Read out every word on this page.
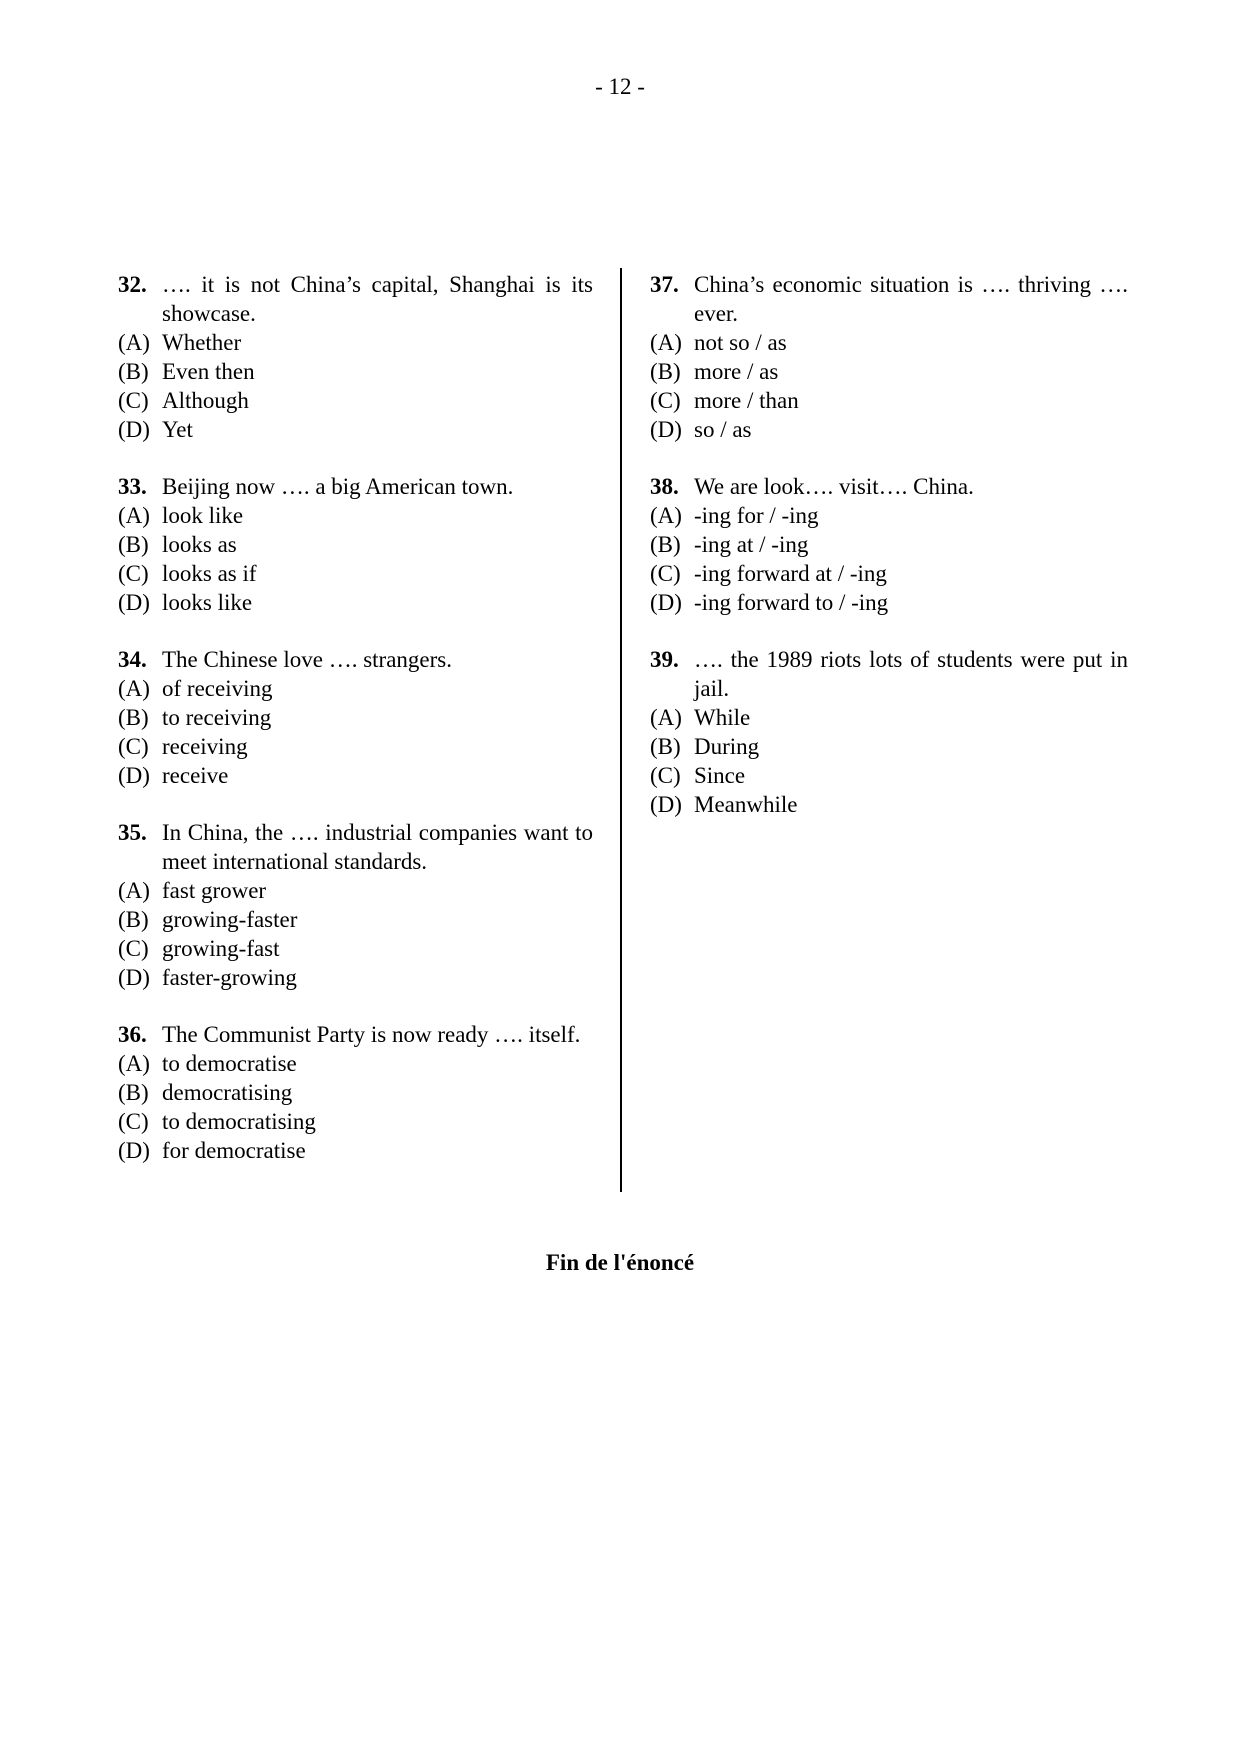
- 12 -
32. …. it is not China’s capital, Shanghai is its showcase.
(A) Whether
(B) Even then
(C) Although
(D) Yet
33. Beijing now …. a big American town.
(A) look like
(B) looks as
(C) looks as if
(D) looks like
34. The Chinese love …. strangers.
(A) of receiving
(B) to receiving
(C) receiving
(D) receive
35. In China, the …. industrial companies want to meet international standards.
(A) fast grower
(B) growing-faster
(C) growing-fast
(D) faster-growing
36. The Communist Party is now ready …. itself.
(A) to democratise
(B) democratising
(C) to democratising
(D) for democratise
37. China’s economic situation is …. thriving …. ever.
(A) not so / as
(B) more / as
(C) more / than
(D) so / as
38. We are look…. visit…. China.
(A) -ing for / -ing
(B) -ing at / -ing
(C) -ing forward at / -ing
(D) -ing forward to / -ing
39. …. the 1989 riots lots of students were put in jail.
(A) While
(B) During
(C) Since
(D) Meanwhile
Fin de l'énoncé
